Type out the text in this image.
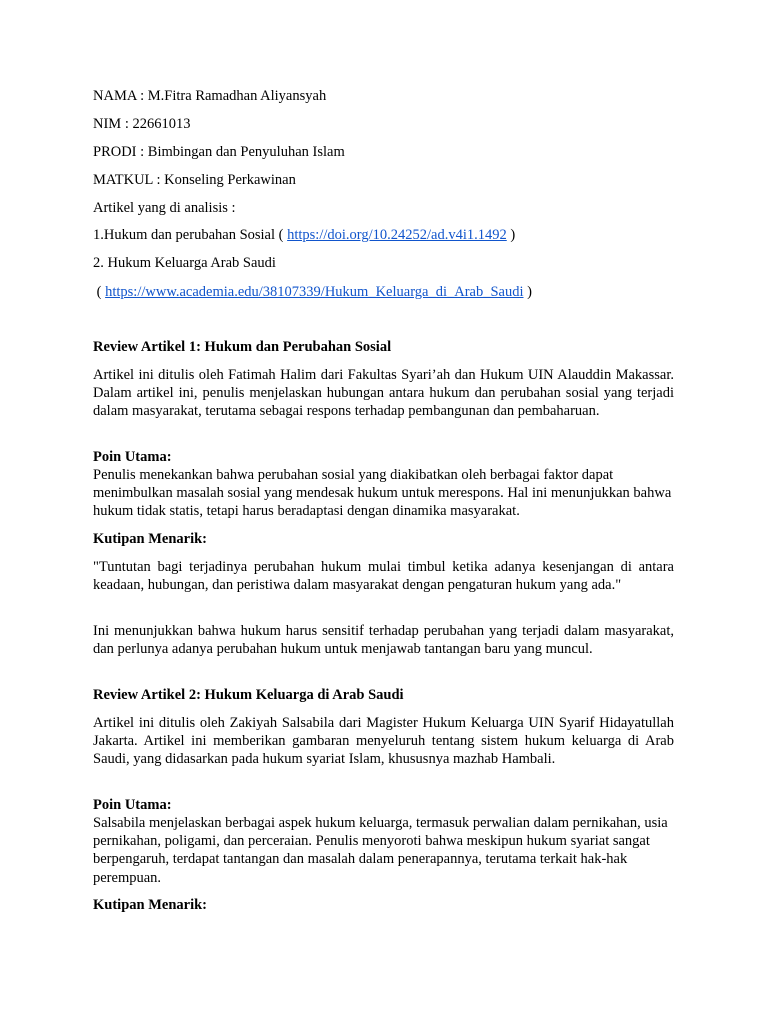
NAMA : M.Fitra Ramadhan Aliyansyah

NIM : 22661013

PRODI : Bimbingan dan Penyuluhan Islam

MATKUL : Konseling Perkawinan

Artikel yang di analisis :

1.Hukum dan perubahan Sosial ( https://doi.org/10.24252/ad.v4i1.1492 )

2. Hukum Keluarga Arab Saudi

( https://www.academia.edu/38107339/Hukum_Keluarga_di_Arab_Saudi )

Review Artikel 1: Hukum dan Perubahan Sosial

Artikel ini ditulis oleh Fatimah Halim dari Fakultas Syari’ah dan Hukum UIN Alauddin Makassar. Dalam artikel ini, penulis menjelaskan hubungan antara hukum dan perubahan sosial yang terjadi dalam masyarakat, terutama sebagai respons terhadap pembangunan dan pembaharuan.

Poin Utama:

Penulis menekankan bahwa perubahan sosial yang diakibatkan oleh berbagai faktor dapat menimbulkan masalah sosial yang mendesak hukum untuk merespons. Hal ini menunjukkan bahwa hukum tidak statis, tetapi harus beradaptasi dengan dinamika masyarakat.

Kutipan Menarik:

"Tuntutan bagi terjadinya perubahan hukum mulai timbul ketika adanya kesenjangan di antara keadaan, hubungan, dan peristiwa dalam masyarakat dengan pengaturan hukum yang ada."

Ini menunjukkan bahwa hukum harus sensitif terhadap perubahan yang terjadi dalam masyarakat, dan perlunya adanya perubahan hukum untuk menjawab tantangan baru yang muncul.

Review Artikel 2: Hukum Keluarga di Arab Saudi

Artikel ini ditulis oleh Zakiyah Salsabila dari Magister Hukum Keluarga UIN Syarif Hidayatullah Jakarta. Artikel ini memberikan gambaran menyeluruh tentang sistem hukum keluarga di Arab Saudi, yang didasarkan pada hukum syariat Islam, khususnya mazhab Hambali.

Poin Utama:

Salsabila menjelaskan berbagai aspek hukum keluarga, termasuk perwalian dalam pernikahan, usia pernikahan, poligami, dan perceraian. Penulis menyoroti bahwa meskipun hukum syariat sangat berpengaruh, terdapat tantangan dan masalah dalam penerapannya, terutama terkait hak-hak perempuan.

Kutipan Menarik:
